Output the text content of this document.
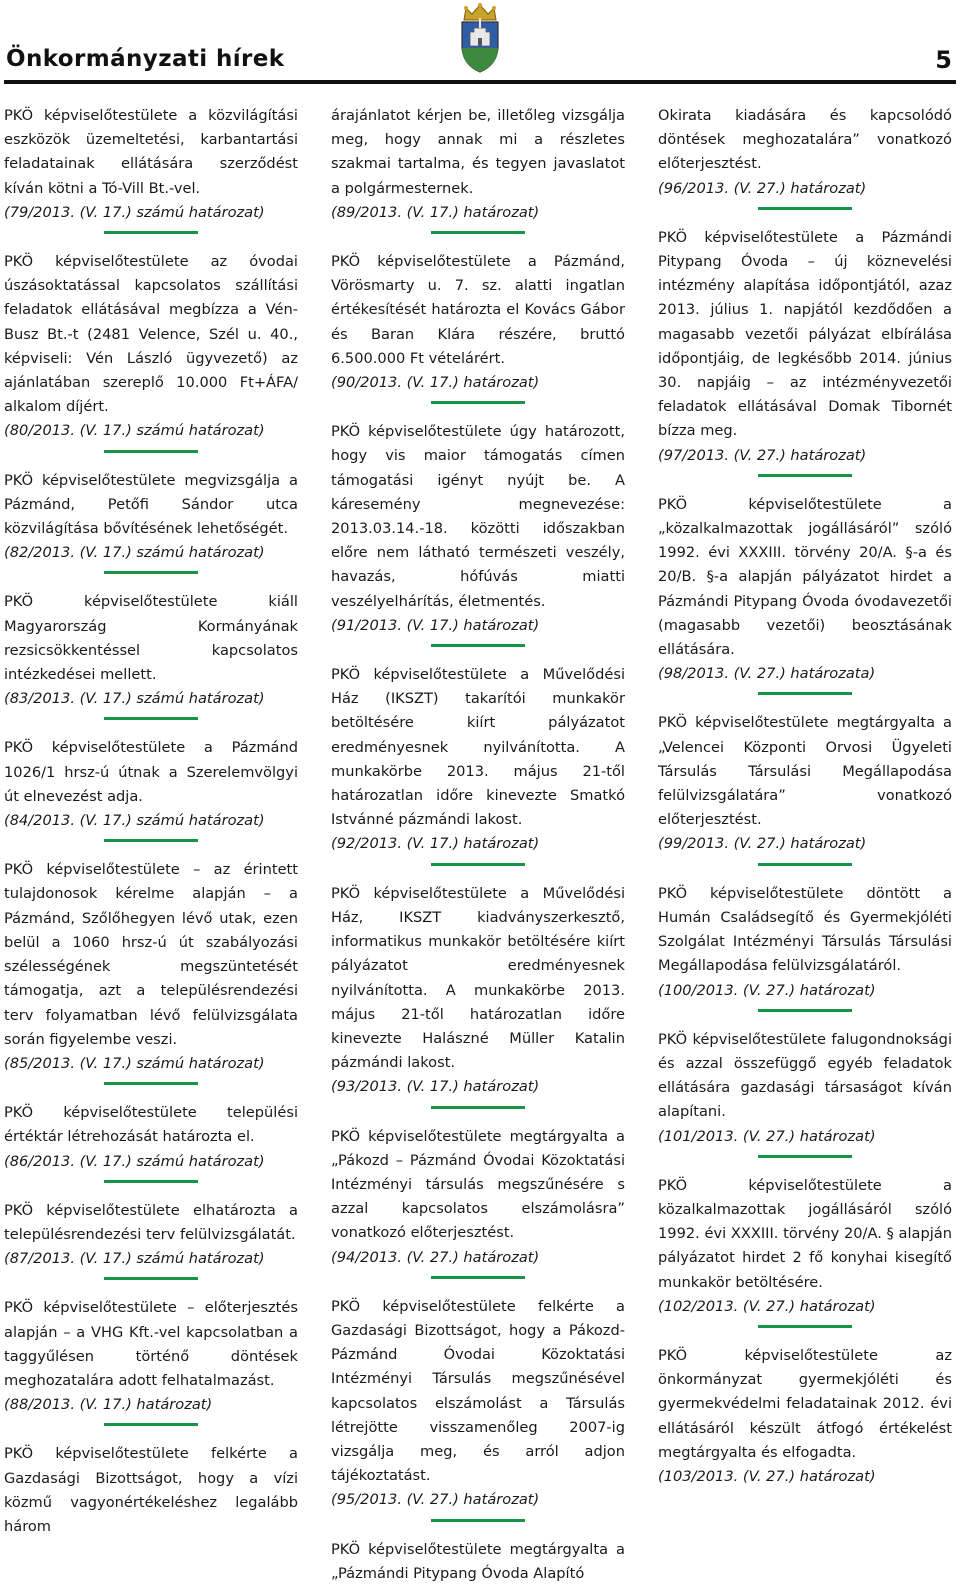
Önkormányzati hírek	5
PKÖ képviselőtestülete a közvilágítási eszközök üzemeltetési, karbantartási feladatainak ellátására szerződést kíván kötni a Tó-Vill Bt.-vel.
(79/2013. (V. 17.) számú határozat)
PKÖ képviselőtestülete az óvodai úszásoktatással kapcsolatos szállítási feladatok ellátásával megbízza a Vén-Busz Bt.-t (2481 Velence, Szél u. 40., képviseli: Vén László ügyvezető) az ajánlatában szereplő 10.000 Ft+ÁFA/ alkalom díjért.
(80/2013. (V. 17.) számú határozat)
PKÖ képviselőtestülete megvizsgálja a Pázmánd, Petőfi Sándor utca közvilágítása bővítésének lehetőségét.
(82/2013. (V. 17.) számú határozat)
PKÖ képviselőtestülete kiáll Magyarország Kormányának rezsicsökkentéssel kapcsolatos intézkedései mellett.
(83/2013. (V. 17.) számú határozat)
PKÖ képviselőtestülete a Pázmánd 1026/1 hrsz-ú útnak a Szerelemvölgyi út elnevezést adja.
(84/2013. (V. 17.) számú határozat)
PKÖ képviselőtestülete – az érintett tulajdonosok kérelme alapján – a Pázmánd, Szőlőhegyen lévő utak, ezen belül a 1060 hrsz-ú út szabályozási szélességének megszüntetését támogatja, azt a településrendezési terv folyamatban lévő felülvizsgálata során figyelembe veszi.
(85/2013. (V. 17.) számú határozat)
PKÖ képviselőtestülete települési értéktár létrehozását határozta el.
(86/2013. (V. 17.) számú határozat)
PKÖ képviselőtestülete elhatározta a településrendezési terv felülvizsgálatát.
(87/2013. (V. 17.) számú határozat)
PKÖ képviselőtestülete – előterjesztés alapján – a VHG Kft.-vel kapcsolatban a taggyűlésen történő döntések meghozatalára adott felhatalmazást.
(88/2013. (V. 17.) határozat)
PKÖ képviselőtestülete felkérte a Gazdasági Bizottságot, hogy a vízi közmű vagyonértékeléshez legalább három
árajánlatot kérjen be, illetőleg vizsgálja meg, hogy annak mi a részletes szakmai tartalma, és tegyen javaslatot a polgármesternek.
(89/2013. (V. 17.) határozat)
PKÖ képviselőtestülete a Pázmánd, Vörösmarty u. 7. sz. alatti ingatlan értékesítését határozta el Kovács Gábor és Baran Klára részére, bruttó 6.500.000 Ft vételárért.
(90/2013. (V. 17.) határozat)
PKÖ képviselőtestülete úgy határozott, hogy vis maior támogatás címen támogatási igényt nyújt be. A káresemény megnevezése: 2013.03.14.-18. közötti időszakban előre nem látható természeti veszély, havazás, hófúvás miatti veszélyelhárítás, életmentés.
(91/2013. (V. 17.) határozat)
PKÖ képviselőtestülete a Művelődési Ház (IKSZT) takarítói munkakör betöltésére kiírt pályázatot eredményesnek nyilvánította. A munkakörbe 2013. május 21-től határozatlan időre kinevezte Smatkó Istvánné pázmándi lakost.
(92/2013. (V. 17.) határozat)
PKÖ képviselőtestülete a Művelődési Ház, IKSZT kiadványszerkesztő, informatikus munkakör betöltésére kiírt pályázatot eredményesnek nyilvánította. A munkakörbe 2013. május 21-től határozatlan időre kinevezte Halászné Müller Katalin pázmándi lakost.
(93/2013. (V. 17.) határozat)
PKÖ képviselőtestülete megtárgyalta a „Pákozd – Pázmánd Óvodai Közoktatási Intézményi társulás megszűnésére s azzal kapcsolatos elszámolásra” vonatkozó előterjesztést.
(94/2013. (V. 27.) határozat)
PKÖ képviselőtestülete felkérte a Gazdasági Bizottságot, hogy a Pákozd-Pázmánd Óvodai Közoktatási Intézményi Társulás megszűnésével kapcsolatos elszámolást a Társulás létrejötte visszamenőleg 2007-ig vizsgálja meg, és arról adjon tájékoztatást.
(95/2013. (V. 27.) határozat)
PKÖ képviselőtestülete megtárgyalta a „Pázmándi Pitypang Óvoda Alapító
Okirata kiadására és kapcsolódó döntések meghozatalára” vonatkozó előterjesztést.
(96/2013. (V. 27.) határozat)
PKÖ képviselőtestülete a Pázmándi Pitypang Óvoda – új köznevelési intézmény alapítása időpontjától, azaz 2013. július 1. napjától kezdődően a magasabb vezetői pályázat elbírálása időpontjáig, de legkésőbb 2014. június 30. napjáig – az intézményvezetői feladatok ellátásával Domak Tibornét bízza meg.
(97/2013. (V. 27.) határozat)
PKÖ képviselőtestülete a „közalkalmazottak jogállásáról” szóló 1992. évi XXXIII. törvény 20/A. §-a és 20/B. §-a alapján pályázatot hirdet a Pázmándi Pitypang Óvoda óvodavezetői (magasabb vezetői) beosztásának ellátására.
(98/2013. (V. 27.) határozata)
PKÖ képviselőtestülete megtárgyalta a „Velencei Központi Orvosi Ügyeleti Társulás Társulási Megállapodása felülvizsgálatára” vonatkozó előterjesztést.
(99/2013. (V. 27.) határozat)
PKÖ képviselőtestülete döntött a Humán Családsegítő és Gyermekjóléti Szolgálat Intézményi Társulás Társulási Megállapodása felülvizsgálatáról.
(100/2013. (V. 27.) határozat)
PKÖ képviselőtestülete falugondnoksági és azzal összefüggő egyéb feladatok ellátására gazdasági társaságot kíván alapítani.
(101/2013. (V. 27.) határozat)
PKÖ képviselőtestülete a közalkalmazottak jogállásáról szóló 1992. évi XXXIII. törvény 20/A. § alapján pályázatot hirdet 2 fő konyhai kisegítő munkakör betöltésére.
(102/2013. (V. 27.) határozat)
PKÖ képviselőtestülete az önkormányzat gyermekjóléti és gyermekvédelmi feladatainak 2012. évi ellátásáról készült átfogó értékelést megtárgyalta és elfogadta.
(103/2013. (V. 27.) határozat)
